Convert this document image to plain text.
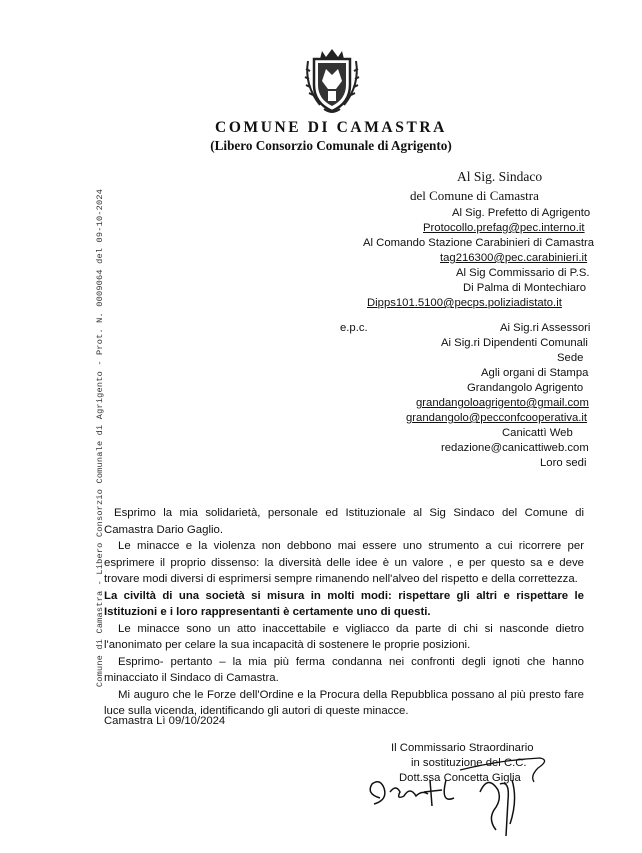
Comune di Camastra - Libero Consorzio Comunale di Agrigento - Prot. N. 0009064 del 09-10-2024
COMUNE DI CAMASTRA
(Libero Consorzio Comunale di Agrigento)
Al Sig. Sindaco
del Comune di Camastra
Al Sig. Prefetto di Agrigento
Protocollo.prefag@pec.interno.it
Al Comando Stazione Carabinieri di Camastra
tag216300@pec.carabinieri.it
Al Sig Commissario di P.S.
Di Palma di Montechiaro
Dipps101.5100@pecps.poliziadistato.it
e.p.c.	Ai Sig.ri Assessori
Ai Sig.ri Dipendenti Comunali
Sede
Agli organi di Stampa
Grandangolo Agrigento
grandangoloagrigento@gmail.com
grandangolo@pecconfcooperativa.it
Canicattì Web
redazione@canicattiweb.com
Loro sedi

Esprimo la mia solidarietà, personale ed Istituzionale al Sig Sindaco del Comune di Camastra Dario Gaglio.

Le minacce e la violenza non debbono mai essere uno strumento a cui ricorrere per esprimere il proprio dissenso: la diversità delle idee è un valore , e per questo sa e deve trovare modi diversi di esprimersi sempre rimanendo nell'alveo del rispetto e della correttezza.

La civiltà di una società si misura in molti modi: rispettare gli altri e rispettare le Istituzioni e i loro rappresentanti è certamente uno di questi.

Le minacce sono un atto inaccettabile e vigliacco da parte di chi si nasconde dietro l'anonimato per celare la sua incapacità di sostenere le proprie posizioni.

Esprimo- pertanto – la mia più ferma condanna nei confronti degli ignoti che hanno minacciato il Sindaco di Camastra.

Mi auguro che le Forze dell'Ordine e la Procura della Repubblica possano al più presto fare luce sulla vicenda, identificando gli autori di queste minacce.

Camastra Lì 09/10/2024
Il Commissario Straordinario
in sostituzione del C.C.
Dott.ssa Concetta Giglia
